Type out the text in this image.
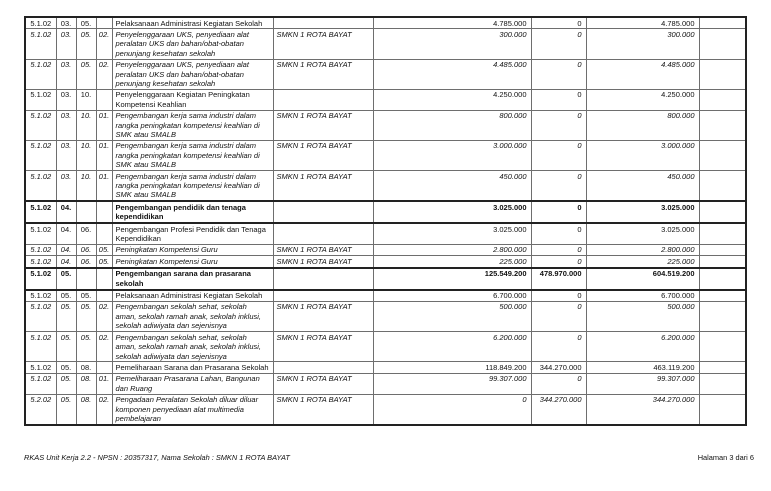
5.1.02	03.	05.		Pelaksanaan Administrasi Kegiatan Sekolah		4.785.000	0	4.785.000	
5.1.02	03.	05.	02.	Penyelenggaraan UKS, penyediaan alat peralatan UKS dan bahan/obat-obatan penunjang kesehatan sekolah	SMKN 1 ROTA BAYAT	300.000	0	300.000	
5.1.02	03.	05.	02.	Penyelenggaraan UKS, penyediaan alat peralatan UKS dan bahan/obat-obatan penunjang kesehatan sekolah	SMKN 1 ROTA BAYAT	4.485.000	0	4.485.000	
5.1.02	03.	10.		Penyelenggaraan Kegiatan Peningkatan Kompetensi Keahlian		4.250.000	0	4.250.000	
5.1.02	03.	10.	01.	Pengembangan kerja sama industri dalam rangka peningkatan kompetensi keahlian di SMK atau SMALB	SMKN 1 ROTA BAYAT	800.000	0	800.000	
5.1.02	03.	10.	01.	Pengembangan kerja sama industri dalam rangka peningkatan kompetensi keahlian di SMK atau SMALB	SMKN 1 ROTA BAYAT	3.000.000	0	3.000.000	
5.1.02	03.	10.	01.	Pengembangan kerja sama industri dalam rangka peningkatan kompetensi keahlian di SMK atau SMALB	SMKN 1 ROTA BAYAT	450.000	0	450.000	
5.1.02	04.			Pengembangan pendidik dan tenaga kependidikan		3.025.000	0	3.025.000	
5.1.02	04.	06.		Pengembangan Profesi Pendidik dan Tenaga Kependidikan		3.025.000	0	3.025.000	
5.1.02	04.	06.	05.	Peningkatan Kompetensi Guru	SMKN 1 ROTA BAYAT	2.800.000	0	2.800.000	
5.1.02	04.	06.	05.	Peningkatan Kompetensi Guru	SMKN 1 ROTA BAYAT	225.000	0	225.000	
5.1.02	05.			Pengembangan sarana dan prasarana sekolah		125.549.200	478.970.000	604.519.200	
5.1.02	05.	05.		Pelaksanaan Administrasi Kegiatan Sekolah		6.700.000	0	6.700.000	
5.1.02	05.	05.	02.	Pengembangan sekolah sehat, sekolah aman, sekolah ramah anak, sekolah inklusi, sekolah adiwiyata dan sejenisnya	SMKN 1 ROTA BAYAT	500.000	0	500.000	
5.1.02	05.	05.	02.	Pengembangan sekolah sehat, sekolah aman, sekolah ramah anak, sekolah inklusi, sekolah adiwiyata dan sejenisnya	SMKN 1 ROTA BAYAT	6.200.000	0	6.200.000	
5.1.02	05.	08.		Pemeliharaan Sarana dan Prasarana Sekolah		118.849.200	344.270.000	463.119.200	
5.1.02	05.	08.	01.	Pemeliharaan Prasarana Lahan, Bangunan dan Ruang	SMKN 1 ROTA BAYAT	99.307.000	0	99.307.000	
5.2.02	05.	08.	02.	Pengadaan Peralatan Sekolah diluar diluar komponen penyediaan alat multimedia pembelajaran	SMKN 1 ROTA BAYAT	0	344.270.000	344.270.000	
RKAS Unit Kerja 2.2 - NPSN : 20357317, Nama Sekolah : SMKN 1 ROTA BAYAT	Halaman 3 dari 6
